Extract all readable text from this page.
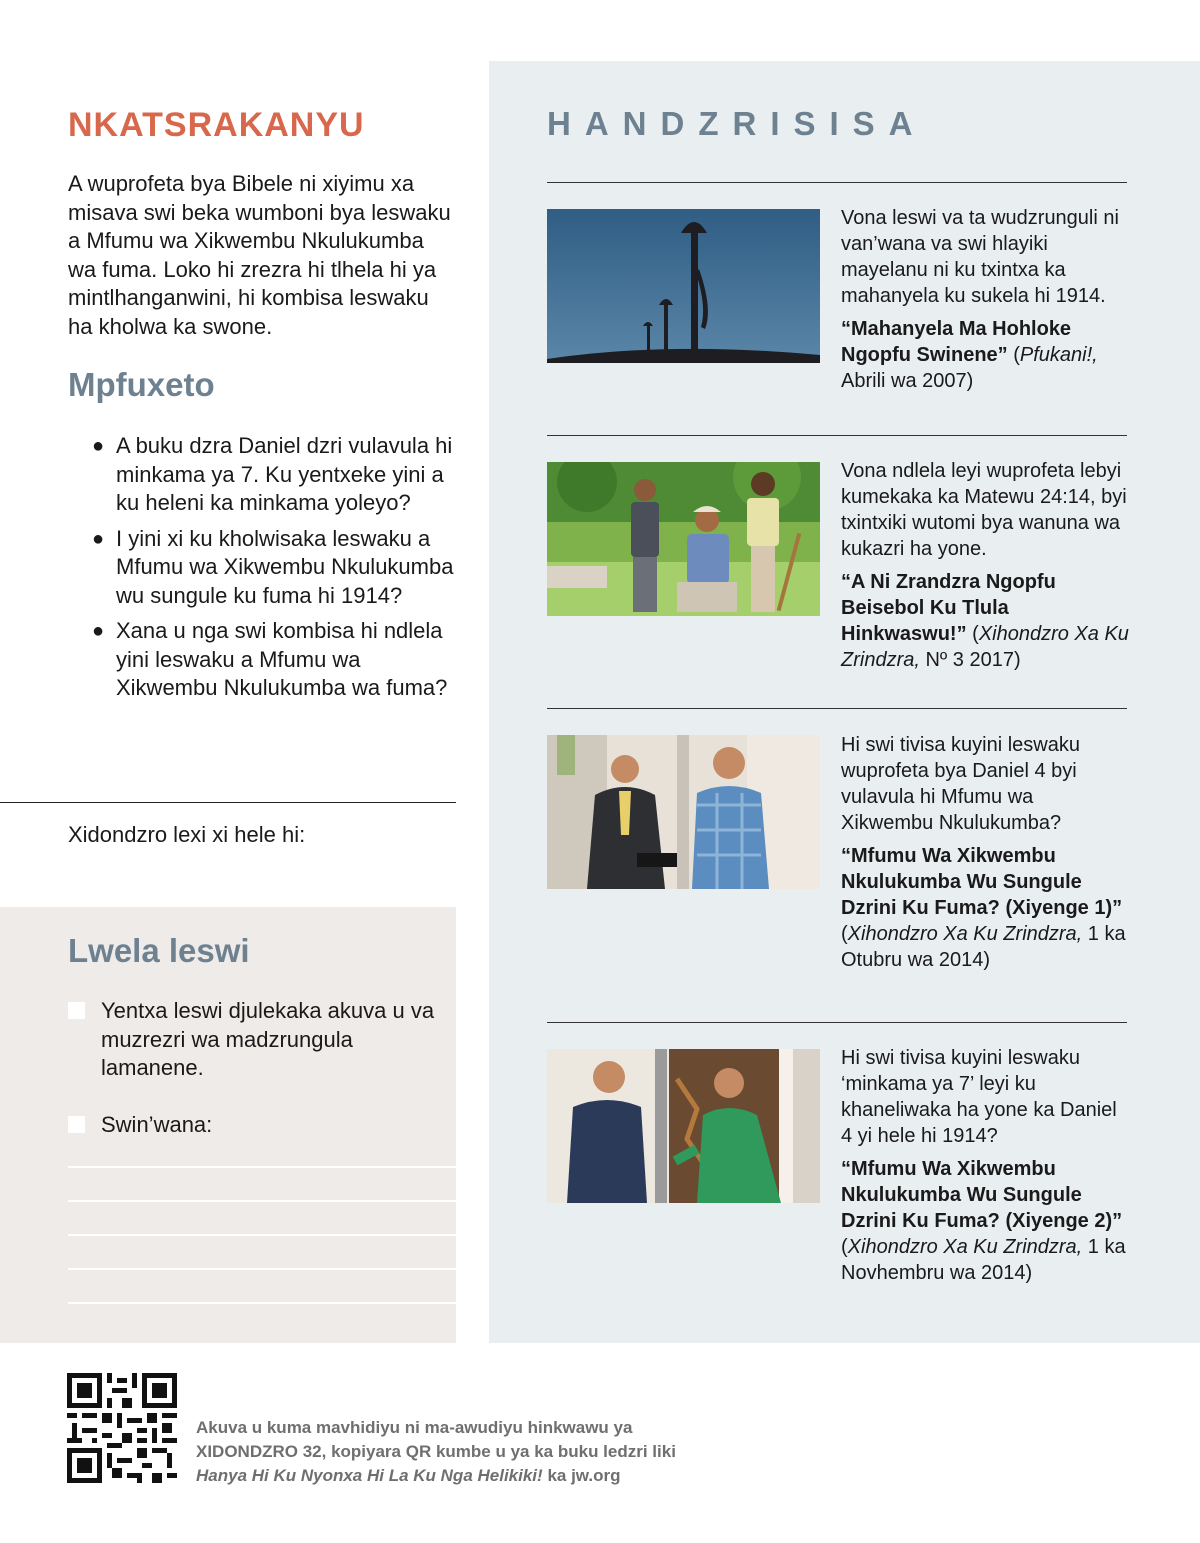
NKATSRAKANYU

A wuprofeta bya Bibele ni xiyimu xa misava swi beka wumboni bya leswaku a Mfumu wa Xikwembu Nkulukumba wa fuma. Loko hi zrezra hi tlhela hi ya mintlhanganwini, hi kombisa leswaku ha kholwa ka swone.

Mpfuxeto
● A buku dzra Daniel dzri vulavula hi minkama ya 7. Ku yentxeke yini a ku heleni ka minkama yoleyo?
● I yini xi ku kholwisaka leswaku a Mfumu wa Xikwembu Nkulukumba wu sungule ku fuma hi 1914?
● Xana u nga swi kombisa hi ndlela yini leswaku a Mfumu wa Xikwembu Nkulukumba wa fuma?

Xidondzro lexi xi hele hi:

Lwela leswi
Yentxa leswi djulekaka akuva u va muzrezri wa madzrungula lamanene.
Swin’wana:
HANDZRISISA
Vona leswi va ta wudzrunguli ni van’wana va swi hlayiki mayelanu ni ku txintxa ka mahanyela ku sukela hi 1914.
“Mahanyela Ma Hohloke Ngopfu Swinene” (Pfukani!, Abrili wa 2007)
Vona ndlela leyi wuprofeta lebyi kumekaka ka Matewu 24:14, byi txintxiki wutomi bya wanuna wa kukazri ha yone.
“A Ni Zrandzra Ngopfu Beisebol Ku Tlula Hinkwaswu!” (Xihondzro Xa Ku Zrindzra, Nº 3 2017)
Hi swi tivisa kuyini leswaku wuprofeta bya Daniel 4 byi vulavula hi Mfumu wa Xikwembu Nkulukumba?
“Mfumu Wa Xikwembu Nkulukumba Wu Sungule Dzrini Ku Fuma? (Xiyenge 1)” (Xihondzro Xa Ku Zrindzra, 1 ka Otubru wa 2014)
Hi swi tivisa kuyini leswaku ‘minkama ya 7’ leyi ku khaneliwaka ha yone ka Daniel 4 yi hele hi 1914?
“Mfumu Wa Xikwembu Nkulukumba Wu Sungule Dzrini Ku Fuma? (Xiyenge 2)” (Xihondzro Xa Ku Zrindzra, 1 ka Novhembru wa 2014)

Akuva u kuma mavhidiyu ni ma-awudiyu hinkwawu ya XIDONDZRO 32, kopiyara QR kumbe u ya ka buku ledzri liki Hanya Hi Ku Nyonxa Hi La Ku Nga Helikiki! ka jw.org
